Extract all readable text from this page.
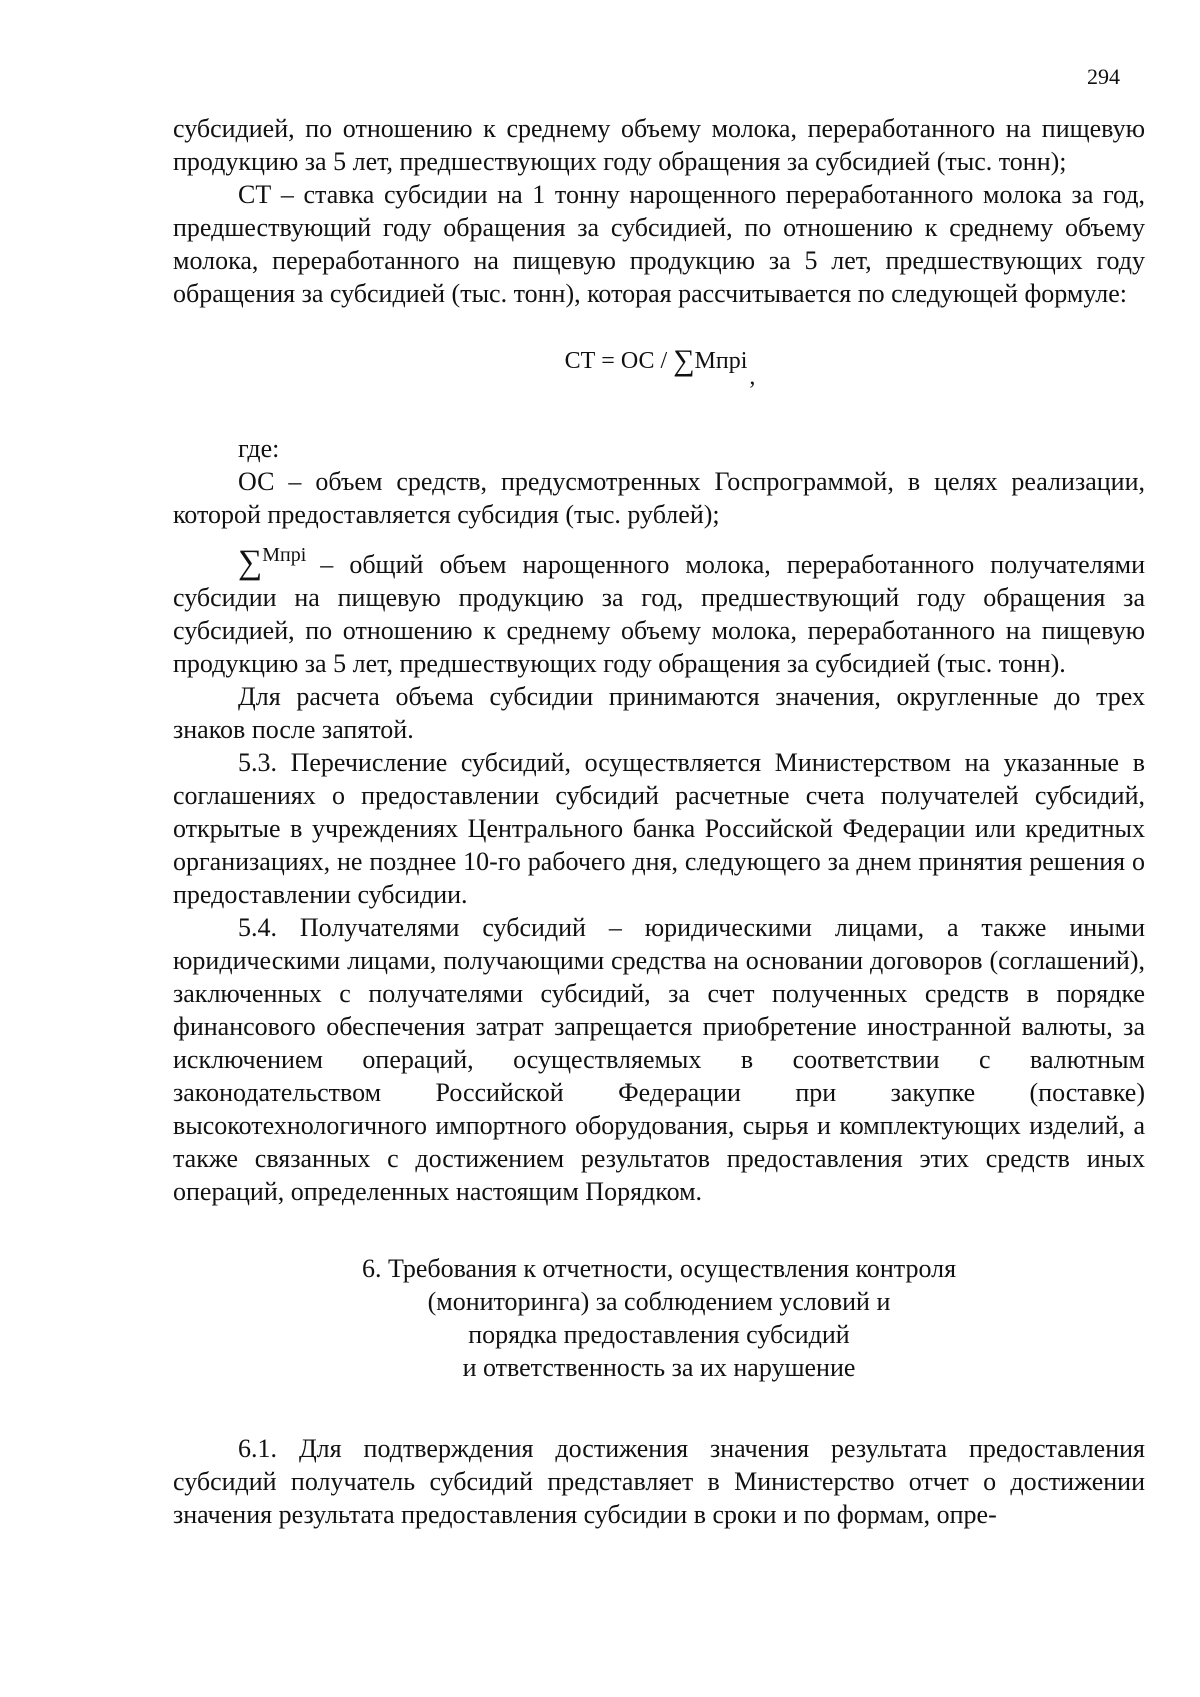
294

субсидией, по отношению к среднему объему молока, переработанного на пищевую продукцию за 5 лет, предшествующих году обращения за субсидией (тыс. тонн);

СТ – ставка субсидии на 1 тонну нарощенного переработанного молока за год, предшествующий году обращения за субсидией, по отношению к среднему объему молока, переработанного на пищевую продукцию за 5 лет, предшествующих году обращения за субсидией (тыс. тонн), которая рассчитывается по следующей формуле:

СТ = ОС / ∑Мпрi,

где:

ОС – объем средств, предусмотренных Госпрограммой, в целях реализации, которой предоставляется субсидия (тыс. рублей);

∑$^{Мпрi}$ – общий объем нарощенного молока, переработанного получателями субсидии на пищевую продукцию за год, предшествующий году обращения за субсидией, по отношению к среднему объему молока, переработанного на пищевую продукцию за 5 лет, предшествующих году обращения за субсидией (тыс. тонн).

Для расчета объема субсидии принимаются значения, округленные до трех знаков после запятой.

5.3. Перечисление субсидий, осуществляется Министерством на указанные в соглашениях о предоставлении субсидий расчетные счета получателей субсидий, открытые в учреждениях Центрального банка Российской Федерации или кредитных организациях, не позднее 10-го рабочего дня, следующего за днем принятия решения о предоставлении субсидии.

5.4. Получателями субсидий – юридическими лицами, а также иными юридическими лицами, получающими средства на основании договоров (соглашений), заключенных с получателями субсидий, за счет полученных средств в порядке финансового обеспечения затрат запрещается приобретение иностранной валюты, за исключением операций, осуществляемых в соответствии с валютным законодательством Российской Федерации при закупке (поставке) высокотехнологичного импортного оборудования, сырья и комплектующих изделий, а также связанных с достижением результатов предоставления этих средств иных операций, определенных настоящим Порядком.

6. Требования к отчетности, осуществления контроля
(мониторинга) за соблюдением условий и
порядка предоставления субсидий
и ответственность за их нарушение

6.1. Для подтверждения достижения значения результата предоставления субсидий получатель субсидий представляет в Министерство отчет о достижении значения результата предоставления субсидии в сроки и по формам, опре-
